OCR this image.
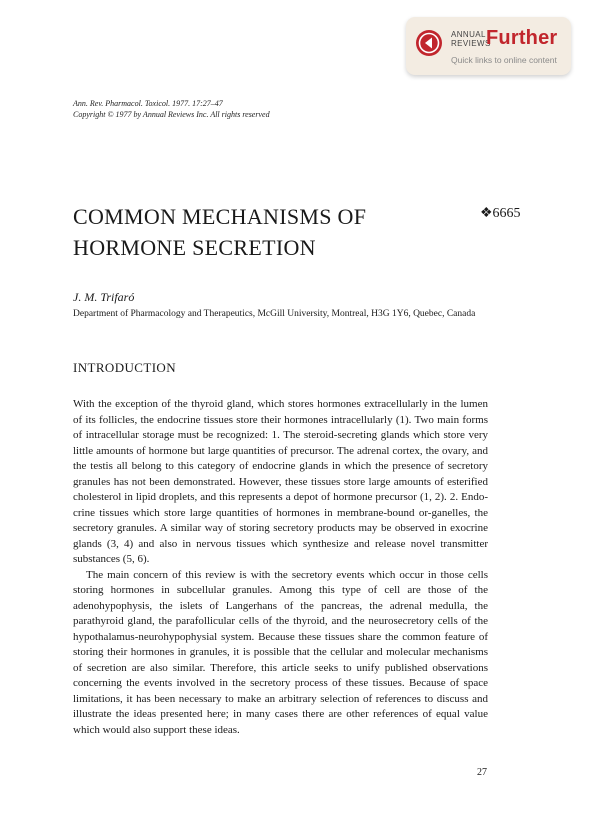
ANNUAL
REVIEWS
Further
Quick links to online content
Ann. Rev. Pharmacol. Toxicol. 1977. 17:27–47
Copyright © 1977 by Annual Reviews Inc. All rights reserved
COMMON MECHANISMS OF
HORMONE SECRETION
❖6665
J. M. Trifaró
Department of Pharmacology and Therapeutics, McGill University, Montreal, H3G 1Y6, Quebec, Canada
INTRODUCTION

With the exception of the thyroid gland, which stores hormones extracellularly in the lumen of its follicles, the endocrine tissues store their hormones intracellularly (1). Two main forms of intracellular storage must be recognized: 1. The steroid-secreting glands which store very little amounts of hormone but large quantities of precursor. The adrenal cortex, the ovary, and the testis all belong to this category of endocrine glands in which the presence of secretory granules has not been demonstrated. However, these tissues store large amounts of esterified cholesterol in lipid droplets, and this represents a depot of hormone precursor (1, 2). 2. Endo-crine tissues which store large quantities of hormones in membrane-bound or-ganelles, the secretory granules. A similar way of storing secretory products may be observed in exocrine glands (3, 4) and also in nervous tissues which synthesize and release novel transmitter substances (5, 6).

The main concern of this review is with the secretory events which occur in those cells storing hormones in subcellular granules. Among this type of cell are those of the adenohypophysis, the islets of Langerhans of the pancreas, the adrenal medulla, the parathyroid gland, the parafollicular cells of the thyroid, and the neurosecretory cells of the hypothalamus-neurohypophysial system. Because these tissues share the common feature of storing their hormones in granules, it is possible that the cellular and molecular mechanisms of secretion are also similar. Therefore, this article seeks to unify published observations concerning the events involved in the secretory process of these tissues. Because of space limitations, it has been necessary to make an arbitrary selection of references to discuss and illustrate the ideas presented here; in many cases there are other references of equal value which would also support these ideas.

27
